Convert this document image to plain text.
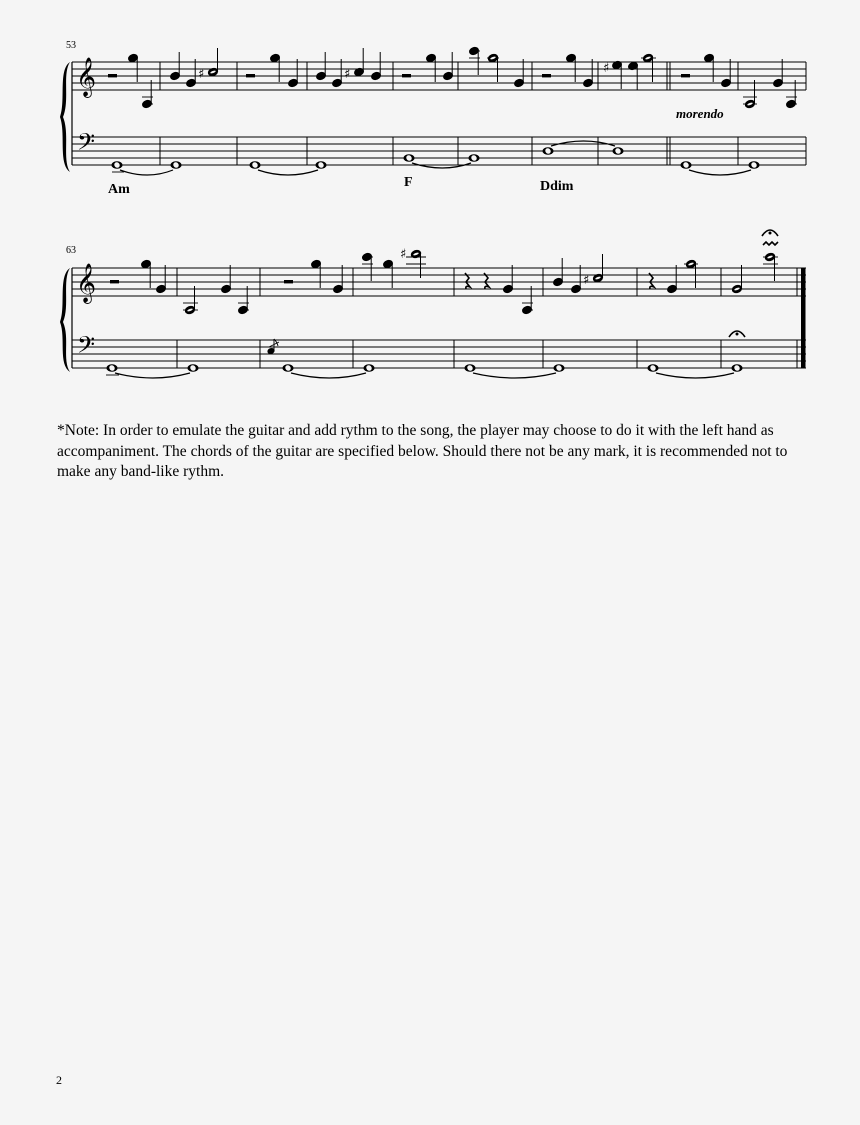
53
𝄞
𝄢
♯	♯	♯
morendo
Am	F	Ddim
63
𝄞
𝄢
♯
♯
*Note: In order to emulate the guitar and add rythm to the song, the player may choose to do it with the left hand as accompaniment. The chords of the guitar are specified below. Should there not be any mark, it is recommended not to make any band-like rythm.
2
